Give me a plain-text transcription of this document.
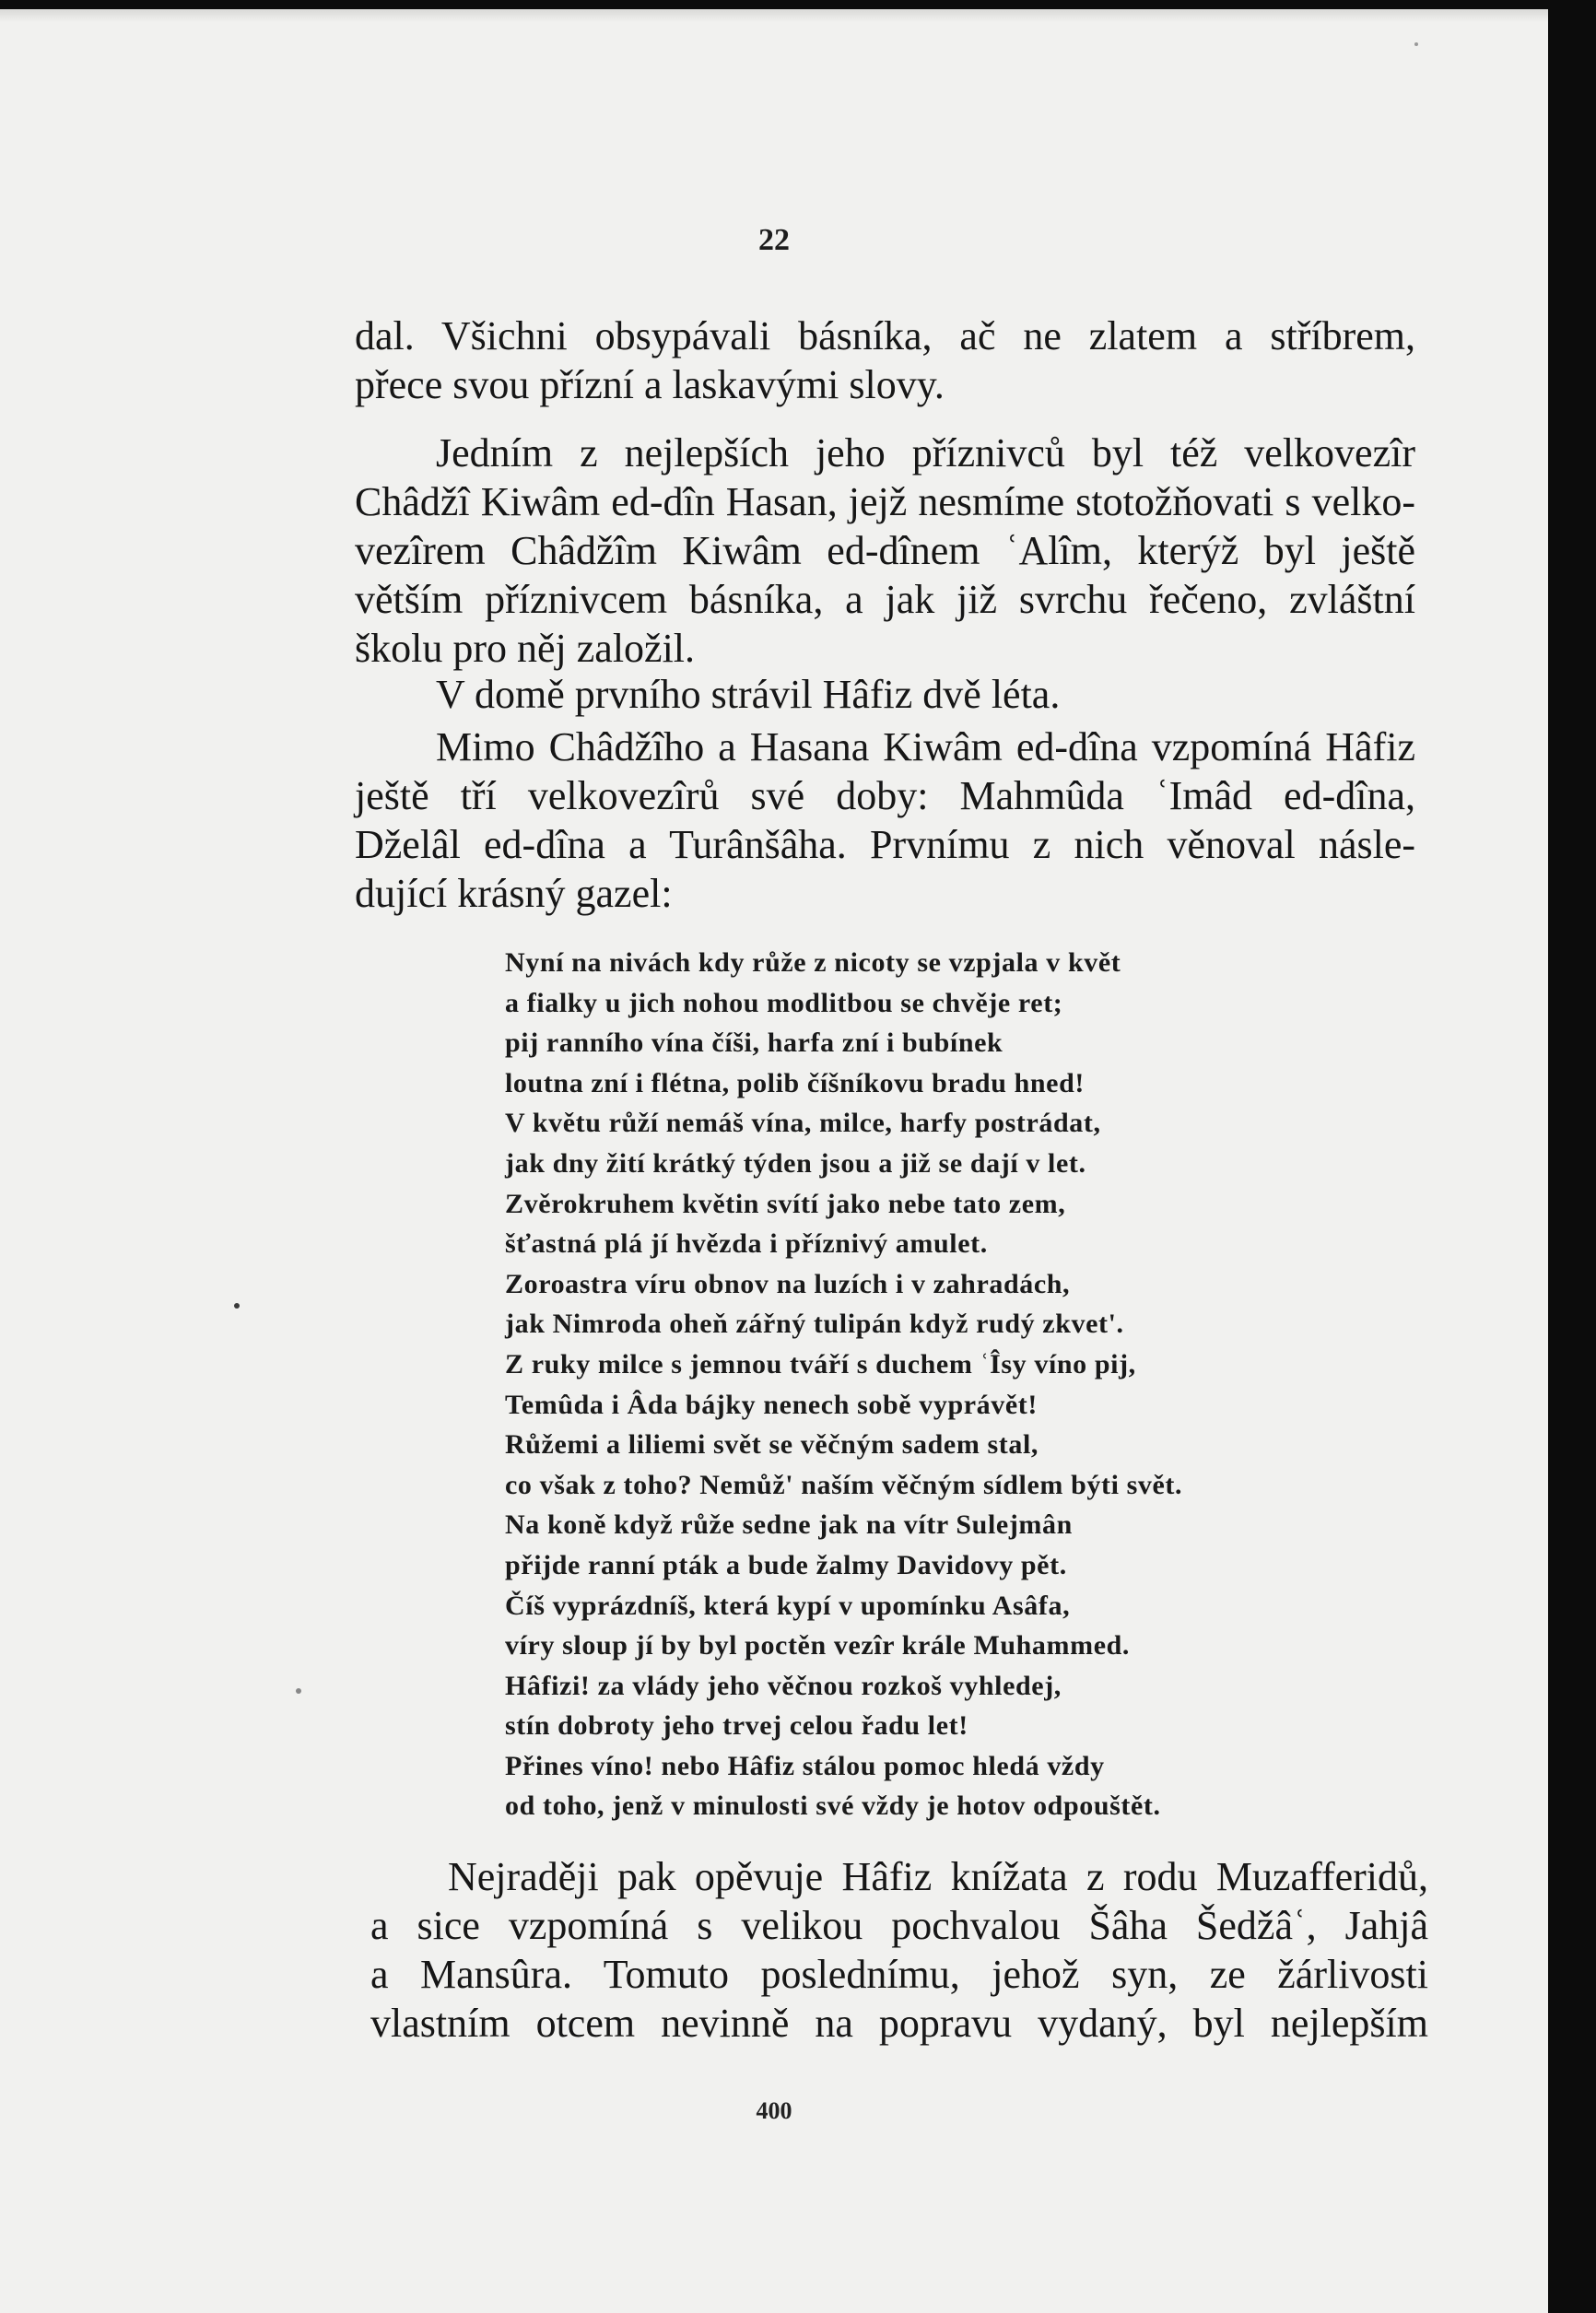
22

dal. Všichni obsypávali básníka, ač ne zlatem a stříbrem,

přece svou přízní a laskavými slovy.

Jedním z nejlepších jeho příznivců byl též velkovezîr

Châdžî Kiwâm ed-dîn Hasan, jejž nesmíme stotožňovati s velko-

vezîrem Châdžîm Kiwâm ed-dînem ʿAlîm, kterýž byl ještě

větším příznivcem básníka, a jak již svrchu řečeno, zvláštní

školu pro něj založil.

V domě prvního strávil Hâfiz dvě léta.

Mimo Châdžîho a Hasana Kiwâm ed-dîna vzpomíná Hâfiz

ještě tří velkovezîrů své doby: Mahmûda ʿImâd ed-dîna,

Dželâl ed-dîna a Turânšâha. Prvnímu z nich věnoval násle-

dující krásný gazel:

Nyní na nivách kdy růže z nicoty se vzpjala v květ
a fialky u jich nohou modlitbou se chvěje ret;
pij ranního vína číši, harfa zní i bubínek
loutna zní i flétna, polib číšníkovu bradu hned!
V květu růží nemáš vína, milce, harfy postrádat,
jak dny žití krátký týden jsou a již se dají v let.
Zvěrokruhem květin svítí jako nebe tato zem,
šťastná plá jí hvězda i příznivý amulet.
Zoroastra víru obnov na luzích i v zahradách,
jak Nimroda oheň zářný tulipán když rudý zkvet'.
Z ruky milce s jemnou tváří s duchem ʿÎsy víno pij,
Temûda i Âda bájky nenech sobě vyprávět!
Růžemi a liliemi svět se věčným sadem stal,
co však z toho? Nemůž' naším věčným sídlem býti svět.
Na koně když růže sedne jak na vítr Sulejmân
přijde ranní pták a bude žalmy Davidovy pět.
Číš vyprázdníš, která kypí v upomínku Asâfa,
víry sloup jí by byl poctěn vezîr krále Muhammed.
Hâfizi! za vlády jeho věčnou rozkoš vyhledej,
stín dobroty jeho trvej celou řadu let!
Přines víno! nebo Hâfiz stálou pomoc hledá vždy
od toho, jenž v minulosti své vždy je hotov odpouštět.

Nejraději pak opěvuje Hâfiz knížata z rodu Muzafferidů,

a sice vzpomíná s velikou pochvalou Šâha Šedžâʿ, Jahjâ

a Mansûra. Tomuto poslednímu, jehož syn, ze žárlivosti

vlastním otcem nevinně na popravu vydaný, byl nejlepším

400
